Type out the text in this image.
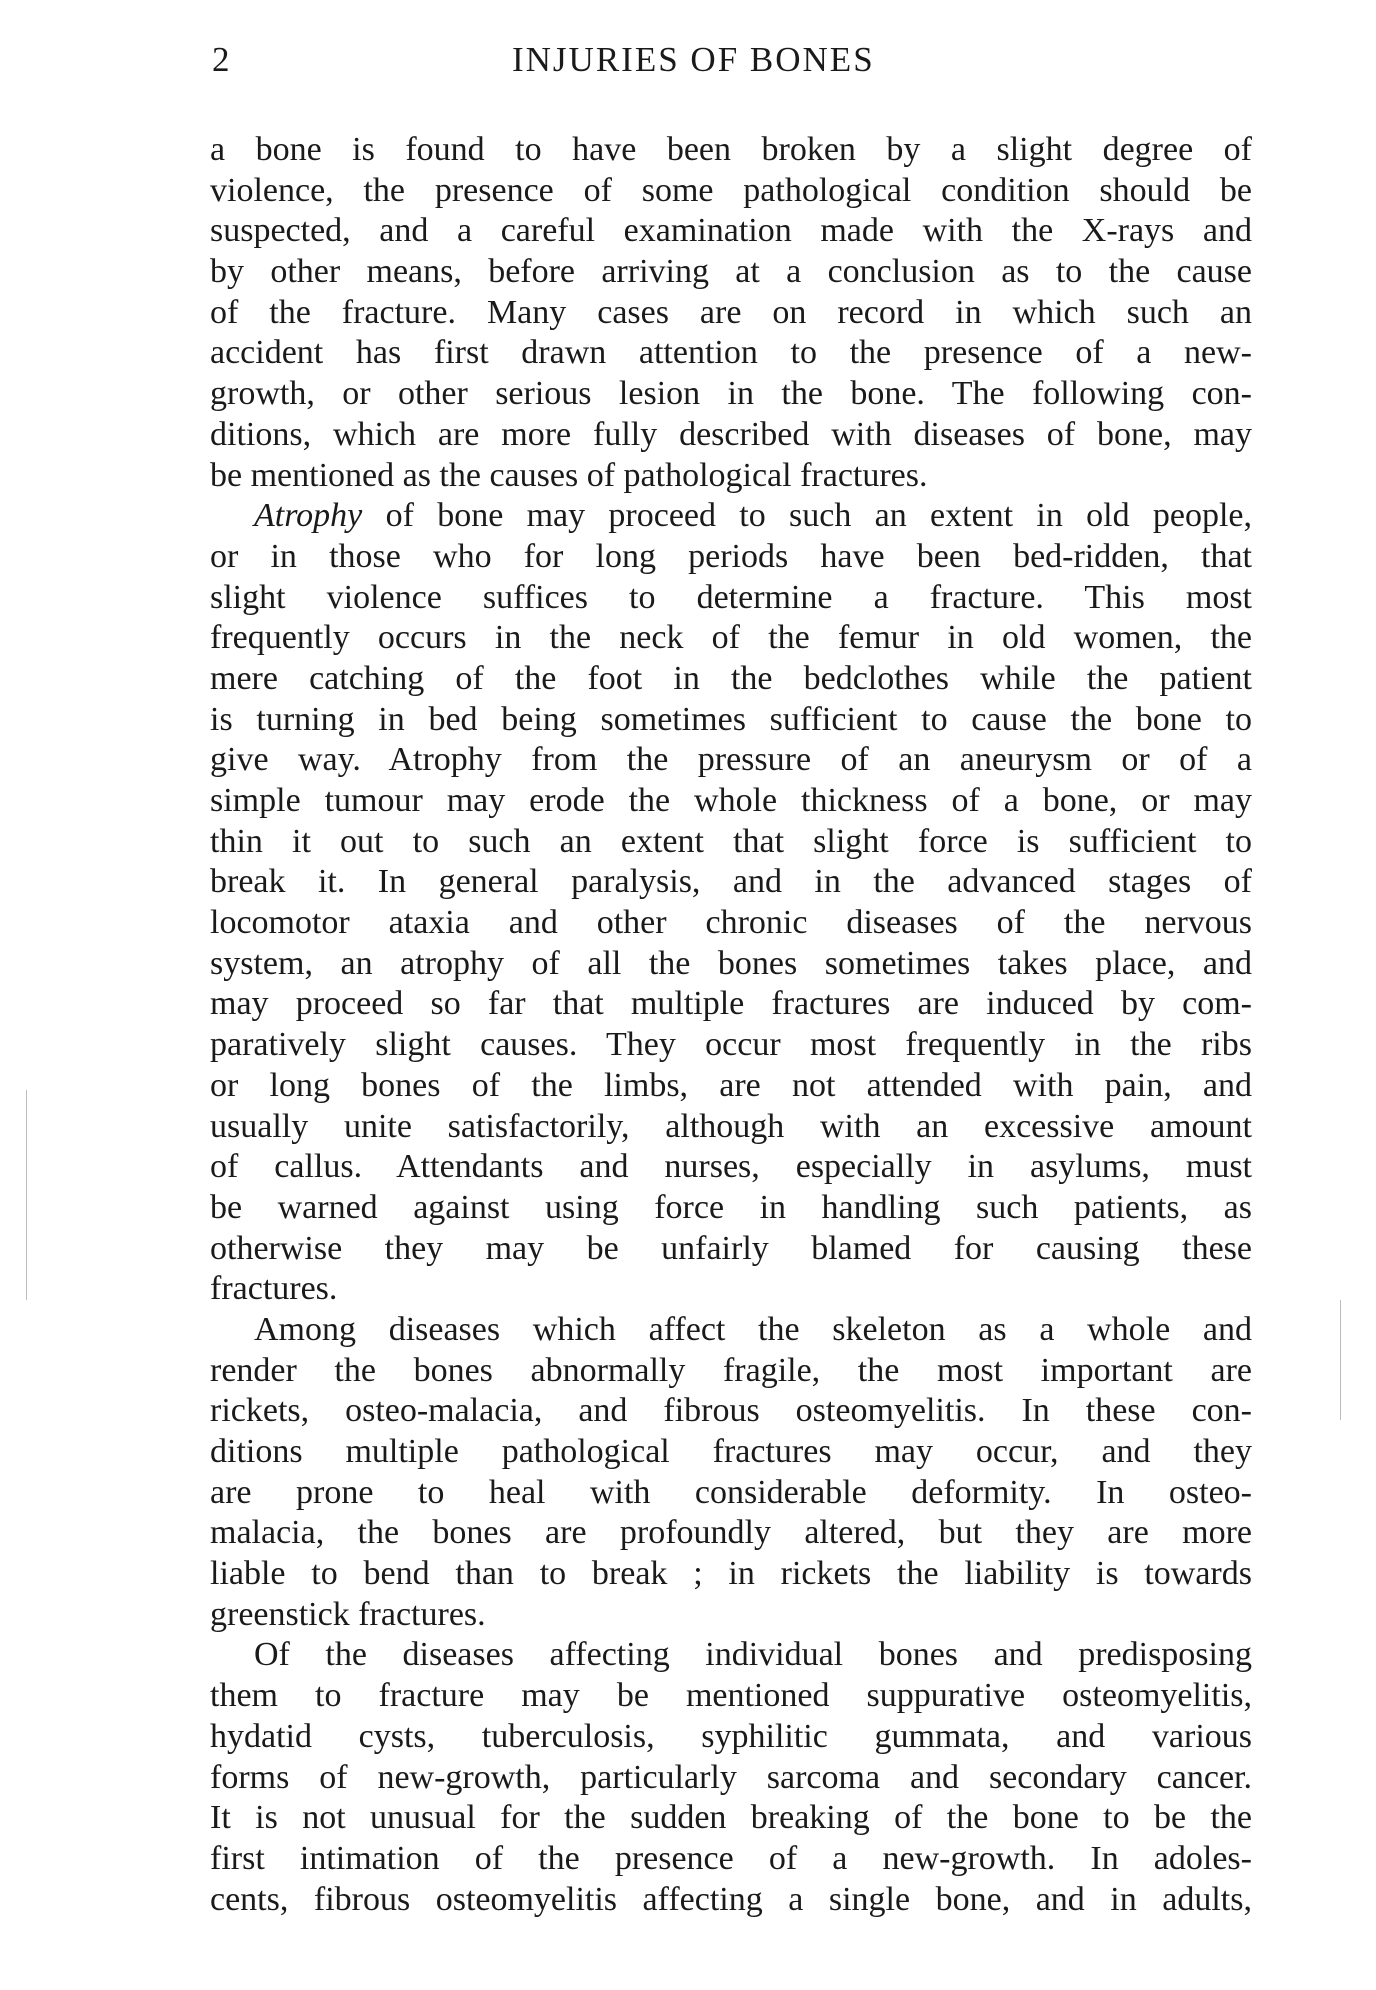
2	INJURIES OF BONES
a bone is found to have been broken by a slight degree of
violence, the presence of some pathological condition should be
suspected, and a careful examination made with the X-rays and
by other means, before arriving at a conclusion as to the cause
of the fracture. Many cases are on record in which such an
accident has first drawn attention to the presence of a new-
growth, or other serious lesion in the bone. The following con-
ditions, which are more fully described with diseases of bone, may
be mentioned as the causes of pathological fractures.
Atrophy of bone may proceed to such an extent in old people,
or in those who for long periods have been bed-ridden, that
slight violence suffices to determine a fracture. This most
frequently occurs in the neck of the femur in old women, the
mere catching of the foot in the bedclothes while the patient
is turning in bed being sometimes sufficient to cause the bone to
give way. Atrophy from the pressure of an aneurysm or of a
simple tumour may erode the whole thickness of a bone, or may
thin it out to such an extent that slight force is sufficient to
break it. In general paralysis, and in the advanced stages of
locomotor ataxia and other chronic diseases of the nervous
system, an atrophy of all the bones sometimes takes place, and
may proceed so far that multiple fractures are induced by com-
paratively slight causes. They occur most frequently in the ribs
or long bones of the limbs, are not attended with pain, and
usually unite satisfactorily, although with an excessive amount
of callus. Attendants and nurses, especially in asylums, must
be warned against using force in handling such patients, as
otherwise they may be unfairly blamed for causing these
fractures.
Among diseases which affect the skeleton as a whole and
render the bones abnormally fragile, the most important are
rickets, osteo-malacia, and fibrous osteomyelitis. In these con-
ditions multiple pathological fractures may occur, and they
are prone to heal with considerable deformity. In osteo-
malacia, the bones are profoundly altered, but they are more
liable to bend than to break ; in rickets the liability is towards
greenstick fractures.
Of the diseases affecting individual bones and predisposing
them to fracture may be mentioned suppurative osteomyelitis,
hydatid cysts, tuberculosis, syphilitic gummata, and various
forms of new-growth, particularly sarcoma and secondary cancer.
It is not unusual for the sudden breaking of the bone to be the
first intimation of the presence of a new-growth. In adoles-
cents, fibrous osteomyelitis affecting a single bone, and in adults,
